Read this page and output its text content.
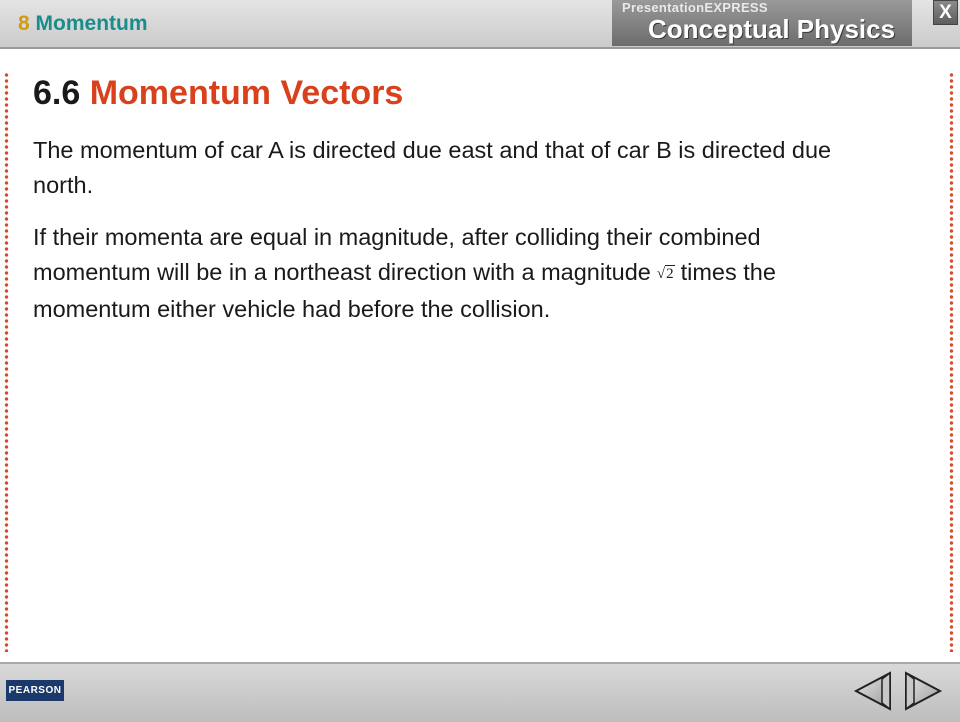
8 Momentum
PresentationEXPRESS
Conceptual Physics
X
6.6 Momentum Vectors
The momentum of car A is directed due east and that of car B is directed due north.
If their momenta are equal in magnitude, after colliding their combined momentum will be in a northeast direction with a magnitude √2 times the momentum either vehicle had before the collision.
PEARSON
